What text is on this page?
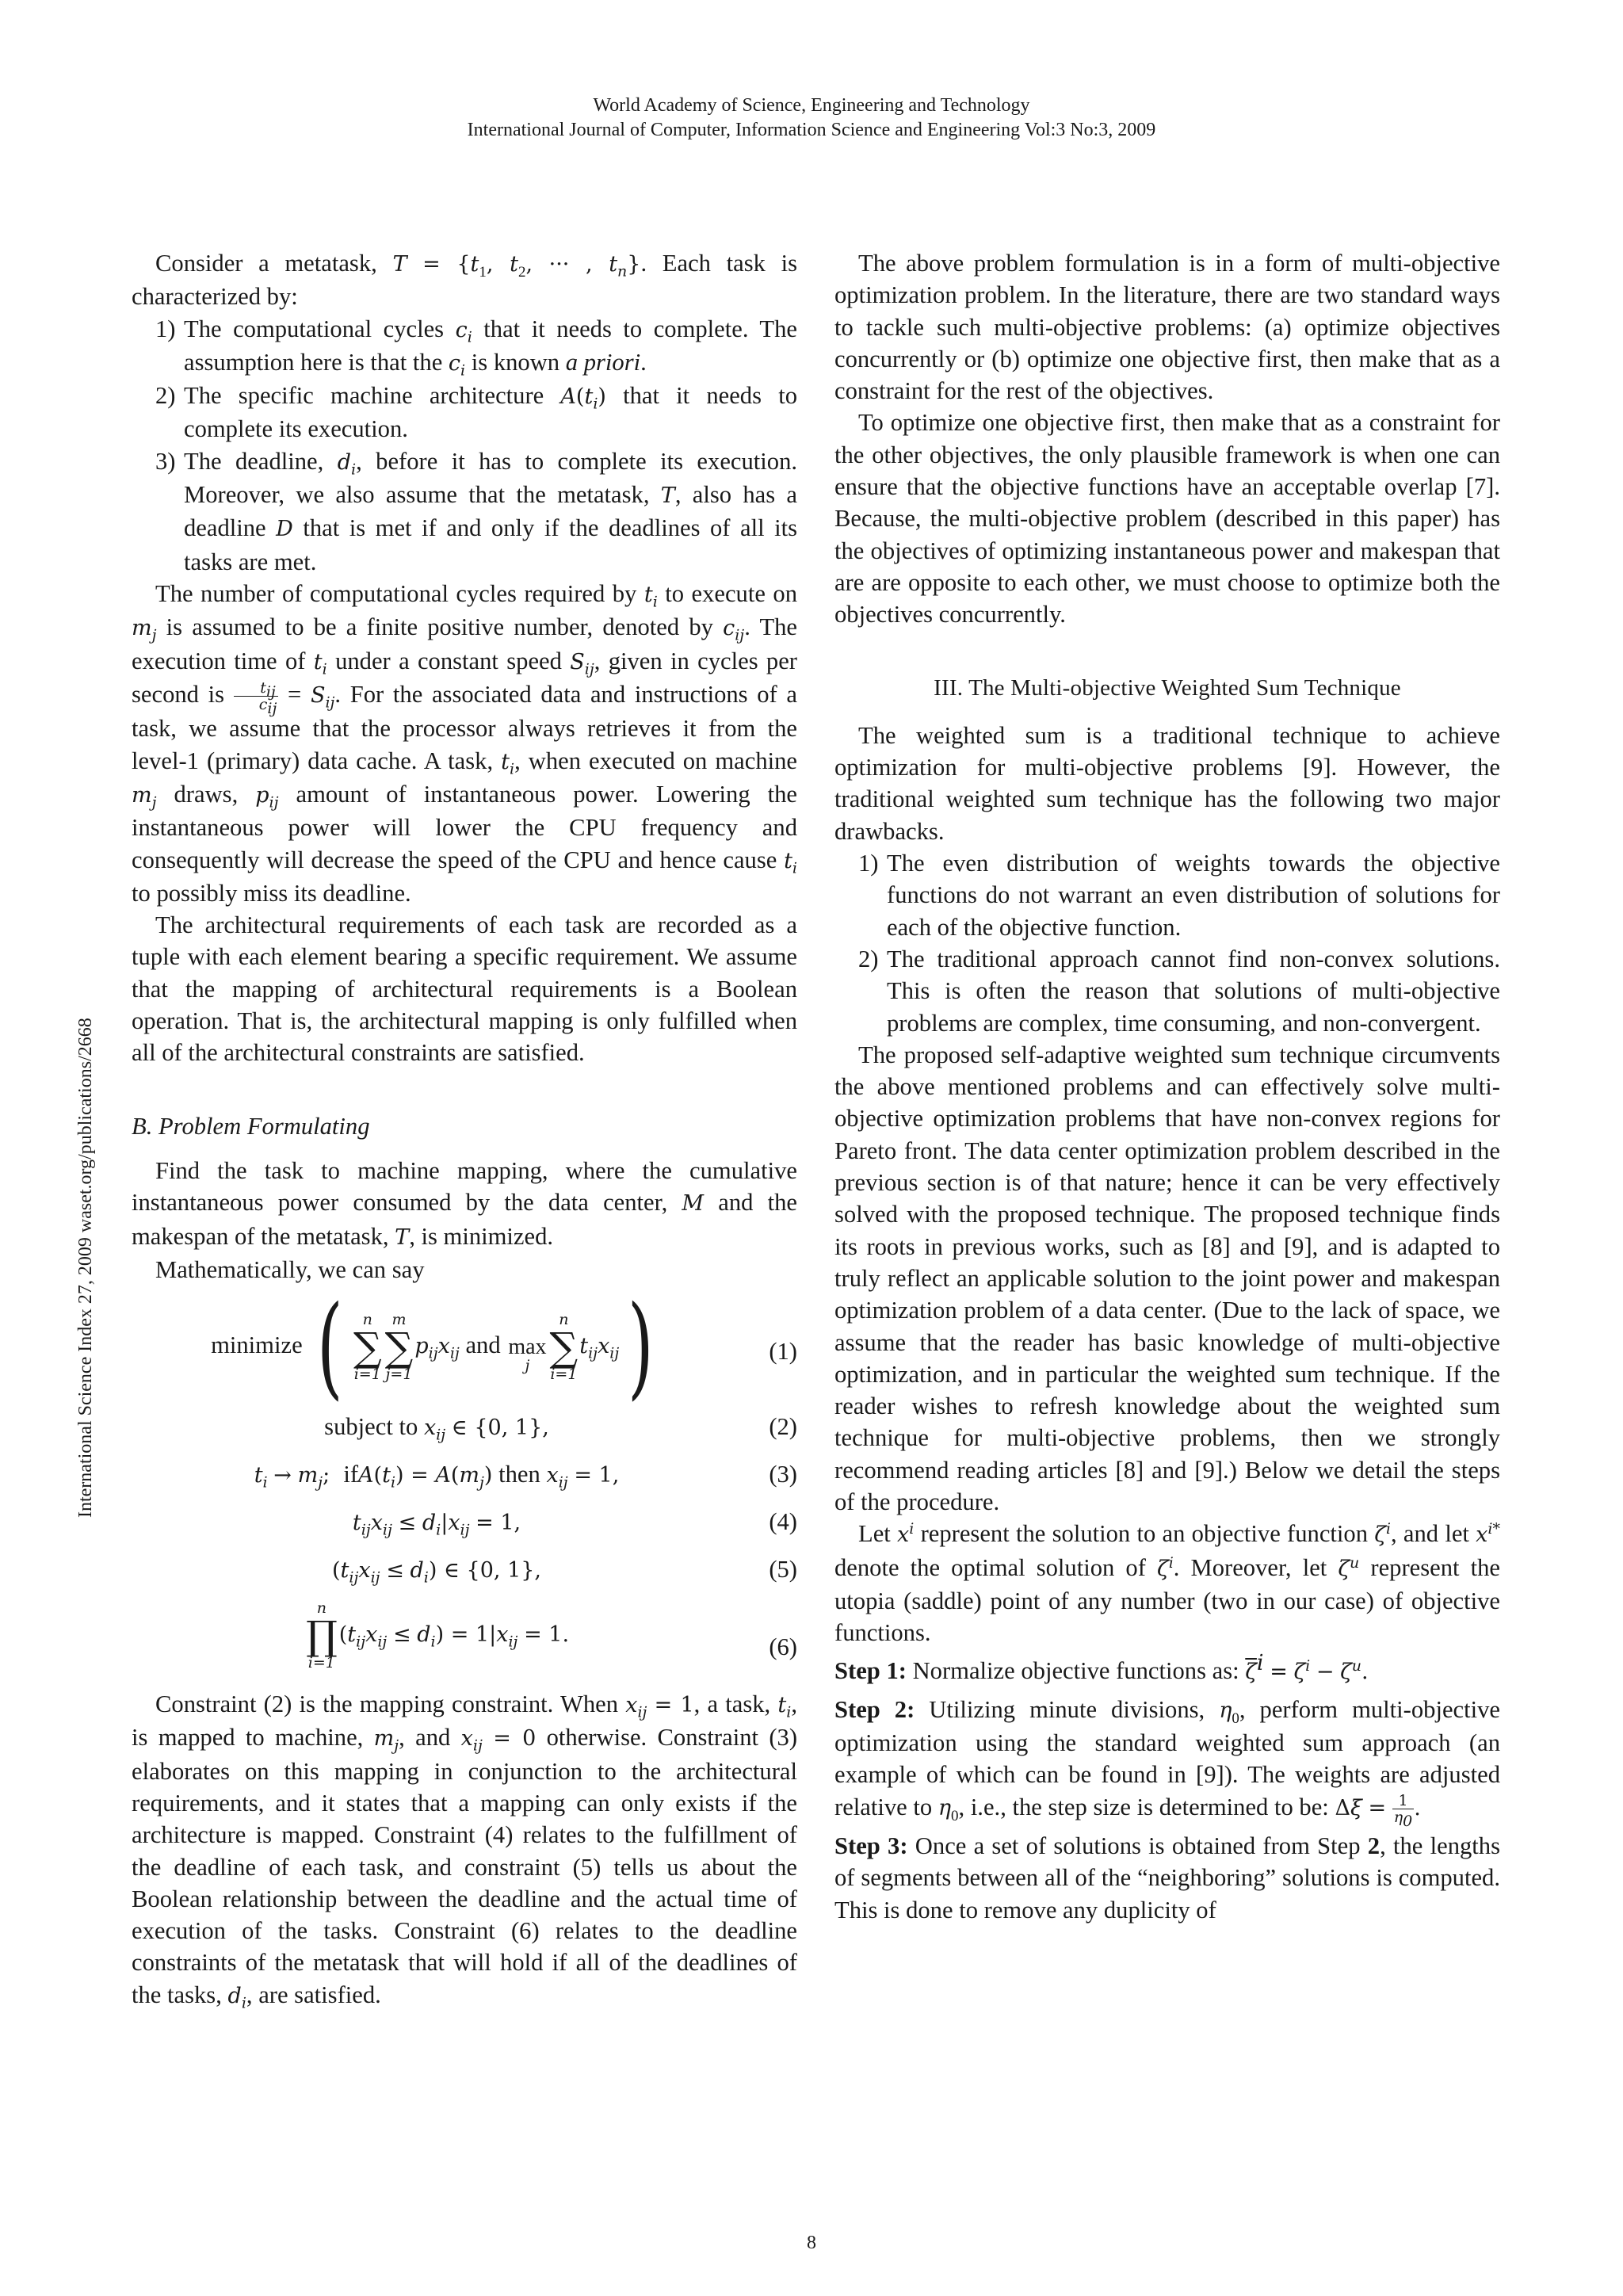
World Academy of Science, Engineering and Technology
International Journal of Computer, Information Science and Engineering Vol:3 No:3, 2009
International Science Index 27, 2009 waset.org/publications/2668

Consider a metatask, $T = \{t_1$, $t_2$, ··· , $t_n$}. Each task is characterized by:

1) The computational cycles $c_i$ that it needs to complete. The assumption here is that the $c_i$ is known a priori.
2) The specific machine architecture $A(t_i)$ that it needs to complete its execution.
3) The deadline, $d_i$, before it has to complete its execution. Moreover, we also assume that the metatask, T, also has a deadline D that is met if and only if the deadlines of all its tasks are met.

The number of computational cycles required by $t_i$ to execute on $m_j$ is assumed to be a finite positive number, denoted by $c_{ij}$. The execution time of $t_i$ under a constant speed $S_{ij}$, given in cycles per second is $\frac{t_{ij}}{c_{ij}} = S_{ij}$. For the associated data and instructions of a task, we assume that the processor always retrieves it from the level-1 (primary) data cache. A task, $t_i$, when executed on machine $m_j$ draws, $p_{ij}$ amount of instantaneous power. Lowering the instantaneous power will lower the CPU frequency and consequently will decrease the speed of the CPU and hence cause $t_i$ to possibly miss its deadline.

The architectural requirements of each task are recorded as a tuple with each element bearing a specific requirement. We assume that the mapping of architectural requirements is a Boolean operation. That is, the architectural mapping is only fulfilled when all of the architectural constraints are satisfied.

B. Problem Formulating

Find the task to machine mapping, where the cumulative instantaneous power consumed by the data center, M and the makespan of the metatask, T, is minimized.

Mathematically, we can say

minimize (	n
∑
i=1
m
∑
j=1
$p_{ij}x_{ij}$ and
max
j
n
∑
i=1
$t_{ij}x_{ij}$)	(1)
subject to $x_{ij}$ ∈ {0, 1},	(2)
$t_i \to m_j$;  $ifA(t_i) = A(m_j)$ then $x_{ij} = 1$,	(3)
$t_{ij}x_{ij} \le d_i|x_{ij} = 1$,	(4)
$(t_{ij}x_{ij} \le d_i)$ ∈ {0, 1},	(5)
n
∏
i=1
$(t_{ij}x_{ij} \le d_i) = 1|x_{ij} = 1$.	(6)

Constraint (2) is the mapping constraint. When $x_{ij} = 1$, a task, $t_i$, is mapped to machine, $m_j$, and $x_{ij} = 0$ otherwise. Constraint (3) elaborates on this mapping in conjunction to the architectural requirements, and it states that a mapping can only exists if the architecture is mapped. Constraint (4) relates to the fulfillment of the deadline of each task, and constraint (5) tells us about the Boolean relationship between the deadline and the actual time of execution of the tasks. Constraint (6) relates to the deadline constraints of the metatask that will hold if all of the deadlines of the tasks, $d_i$, are satisfied.

The above problem formulation is in a form of multi-objective optimization problem. In the literature, there are two standard ways to tackle such multi-objective problems: (a) optimize objectives concurrently or (b) optimize one objective first, then make that as a constraint for the rest of the objectives.

To optimize one objective first, then make that as a constraint for the other objectives, the only plausible framework is when one can ensure that the objective functions have an acceptable overlap [7]. Because, the multi-objective problem (described in this paper) has the objectives of optimizing instantaneous power and makespan that are are opposite to each other, we must choose to optimize both the objectives concurrently.

III. The Multi-objective Weighted Sum Technique

The weighted sum is a traditional technique to achieve optimization for multi-objective problems [9]. However, the traditional weighted sum technique has the following two major drawbacks.

1) The even distribution of weights towards the objective functions do not warrant an even distribution of solutions for each of the objective function.
2) The traditional approach cannot find non-convex solutions. This is often the reason that solutions of multi-objective problems are complex, time consuming, and non-convergent.

The proposed self-adaptive weighted sum technique circumvents the above mentioned problems and can effectively solve multi-objective optimization problems that have non-convex regions for Pareto front. The data center optimization problem described in the previous section is of that nature; hence it can be very effectively solved with the proposed technique. The proposed technique finds its roots in previous works, such as [8] and [9], and is adapted to truly reflect an applicable solution to the joint power and makespan optimization problem of a data center. (Due to the lack of space, we assume that the reader has basic knowledge of multi-objective optimization, and in particular the weighted sum technique. If the reader wishes to refresh knowledge about the weighted sum technique for multi-objective problems, then we strongly recommend reading articles [8] and [9].) Below we detail the steps of the procedure.

Let $x^i$ represent the solution to an objective function $\zeta^i$, and let $x^{i*}$ denote the optimal solution of $\zeta^i$. Moreover, let $\zeta^u$ represent the utopia (saddle) point of any number (two in our case) of objective functions.

Step 1: Normalize objective functions as: $\overline{\zeta}^i = \zeta^i - \zeta^u$.

Step 2: Utilizing minute divisions, $\eta_0$, perform multi-objective optimization using the standard weighted sum approach (an example of which can be found in [9]). The weights are adjusted relative to $\eta_0$, i.e., the step size is determined to be: $\Delta\xi = \frac{1}{\eta_0}$ .

Step 3: Once a set of solutions is obtained from Step 2, the lengths of segments between all of the “neighboring” solutions is computed. This is done to remove any duplicity of

8
